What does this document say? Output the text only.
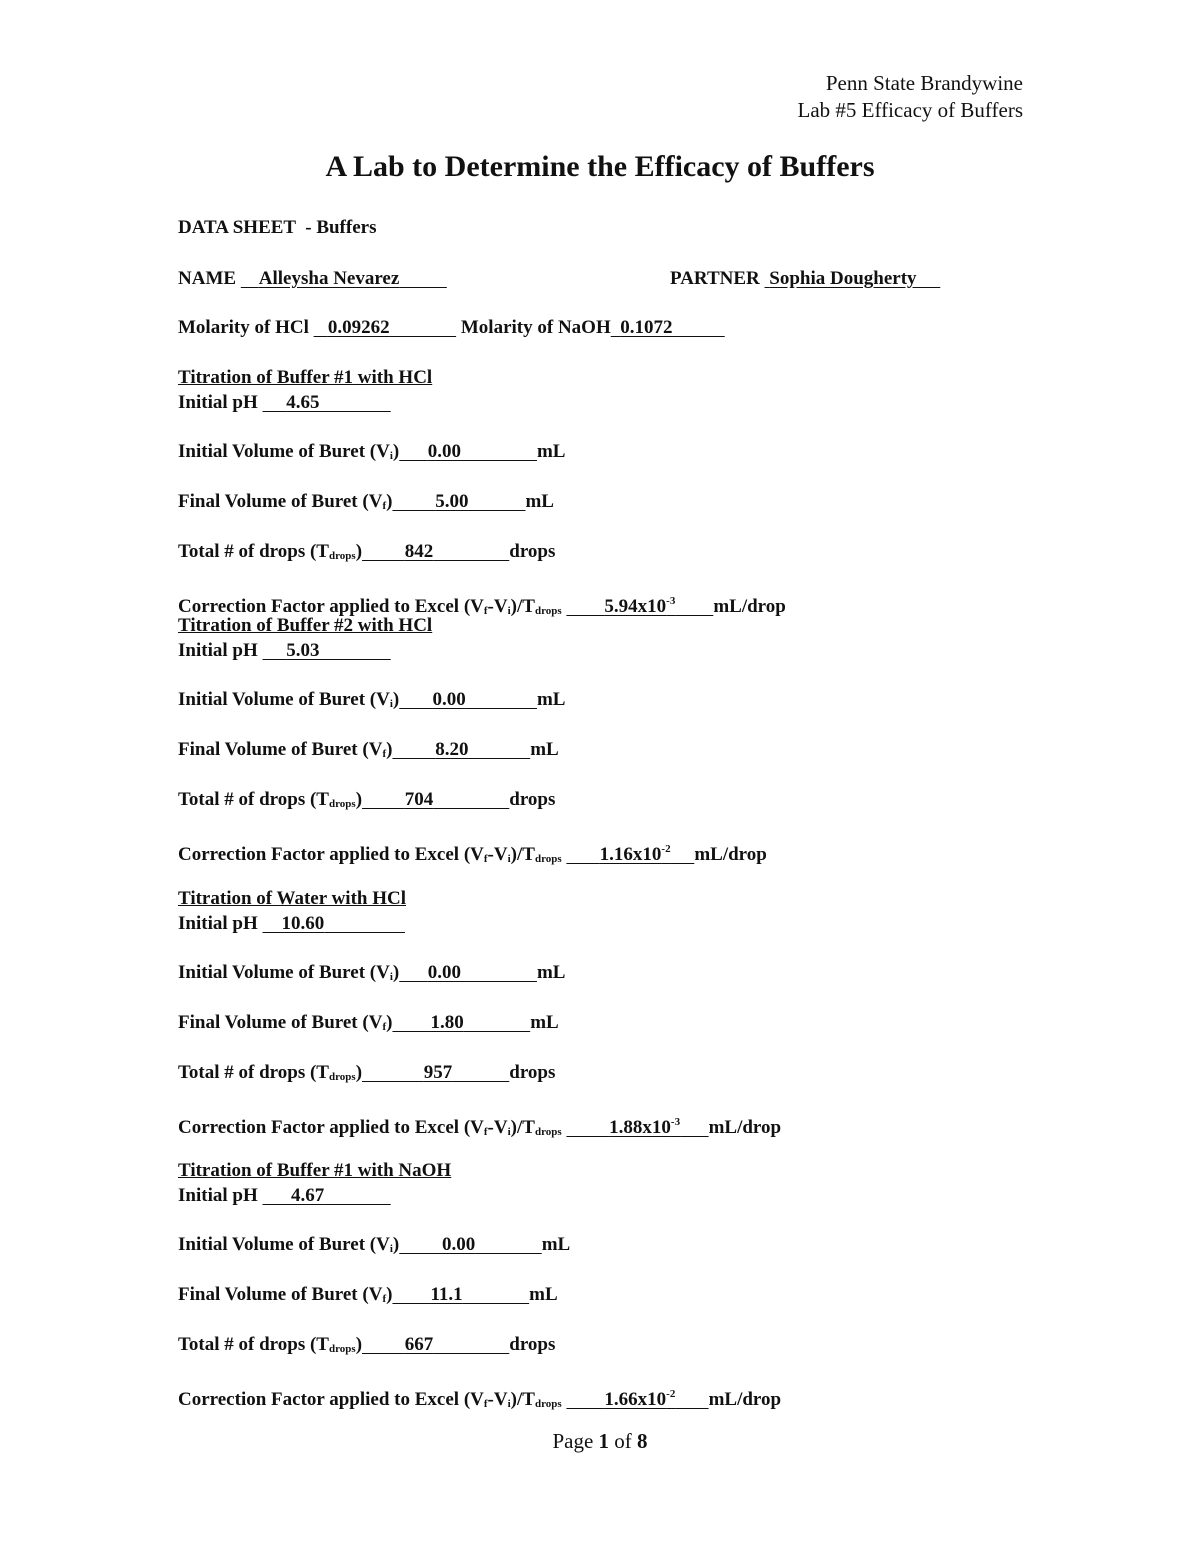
Penn State Brandywine
Lab #5 Efficacy of Buffers
A Lab to Determine the Efficacy of Buffers
DATA SHEET  - Buffers
NAME Alleysha Nevarez	PARTNER Sophia Dougherty
Molarity of HCl 0.09262	Molarity of NaOH 0.1072
Titration of Buffer #1 with HCl
Initial pH 4.65
Initial Volume of Buret $(V_i)$ 0.00	mL
Final Volume of Buret $(V_f)$ 5.00	mL
Total # of drops $(T_{drops})$ 842	drops
Correction Factor applied to Excel $(V_f-V_i)/T_{drops}$ $5.94x10^{-3}$ mL/drop
Titration of Buffer #2 with HCl
Initial pH 5.03
Initial Volume of Buret $(V_i)$ 0.00	mL
Final Volume of Buret $(V_f)$ 8.20	mL
Total # of drops $(T_{drops})$ 704	drops
Correction Factor applied to Excel $(V_f-V_i)/T_{drops}$ $1.16x10^{-2}$ mL/drop
Titration of Water with HCl
Initial pH 10.60
Initial Volume of Buret $(V_i)$ 0.00	mL
Final Volume of Buret $(V_f)$ 1.80	mL
Total # of drops $(T_{drops})$	957	drops
Correction Factor applied to Excel $(V_f-V_i)/T_{drops}$	$1.88x10^{-3}$ mL/drop
Titration of Buffer #1 with NaOH
Initial pH 4.67
Initial Volume of Buret $(V_i)$ 0.00	mL
Final Volume of Buret $(V_f)$ 11.1	mL
Total # of drops $(T_{drops})$ 667	drops
Correction Factor applied to Excel $(V_f-V_i)/T_{drops}$ $1.66x10^{-2}$ mL/drop
Page 1 of 8
